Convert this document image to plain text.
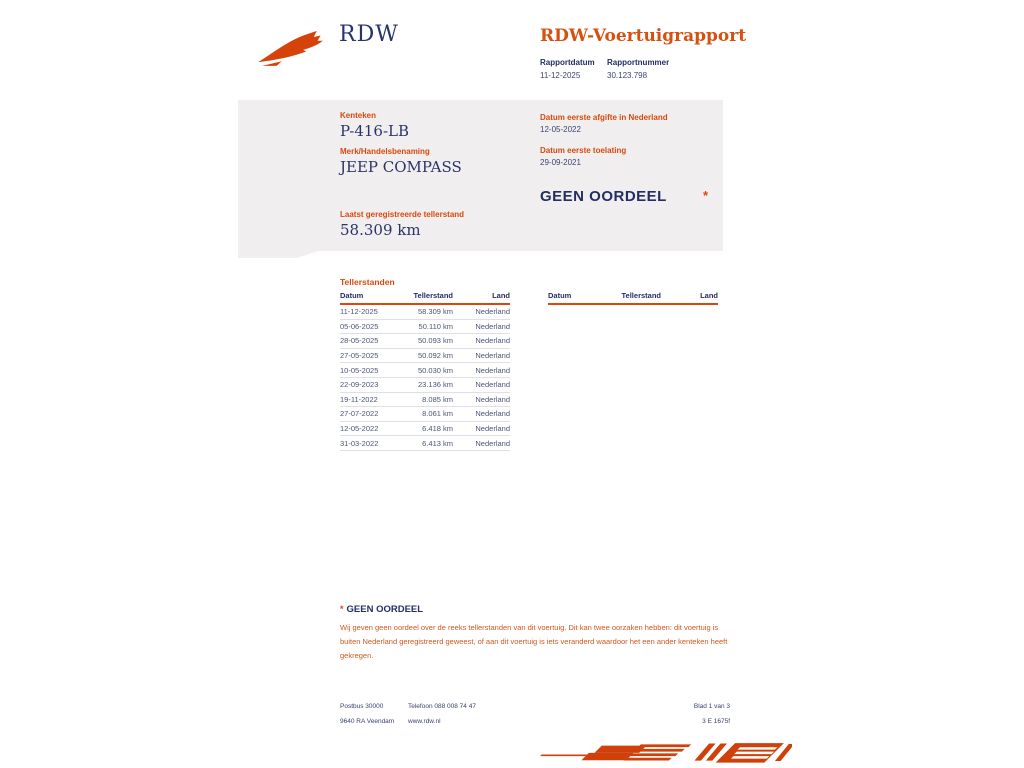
RDW	RDW-Voertuigrapport
Rapportdatum
11-12-2025
Rapportnummer
30.123.798
Kenteken
P-416-LB
Merk/Handelsbenaming
JEEP COMPASS
Laatst geregistreerde tellerstand
58.309 km
Datum eerste afgifte in Nederland
12-05-2022
Datum eerste toelating
29-09-2021
GEEN OORDEEL	*
Tellerstanden
Datum	Tellerstand	Land
11-12-2025	58.309 km	Nederland
05-06-2025	50.110 km	Nederland
28-05-2025	50.093 km	Nederland
27-05-2025	50.092 km	Nederland
10-05-2025	50.030 km	Nederland
22-09-2023	23.136 km	Nederland
19-11-2022	8.085 km	Nederland
27-07-2022	8.061 km	Nederland
12-05-2022	6.418 km	Nederland
31-03-2022	6.413 km	Nederland
Datum	Tellerstand	Land
* GEEN OORDEEL
Wij geven geen oordeel over de reeks tellerstanden van dit voertuig. Dit kan twee oorzaken hebben: dit voertuig is buiten Nederland geregistreerd geweest, of aan dit voertuig is iets veranderd waardoor het een ander kenteken heeft gekregen.
Postbus 30000
9640 RA Veendam
Telefoon 088 008 74 47
www.rdw.nl
Blad 1 van 3
3 E 1675f
